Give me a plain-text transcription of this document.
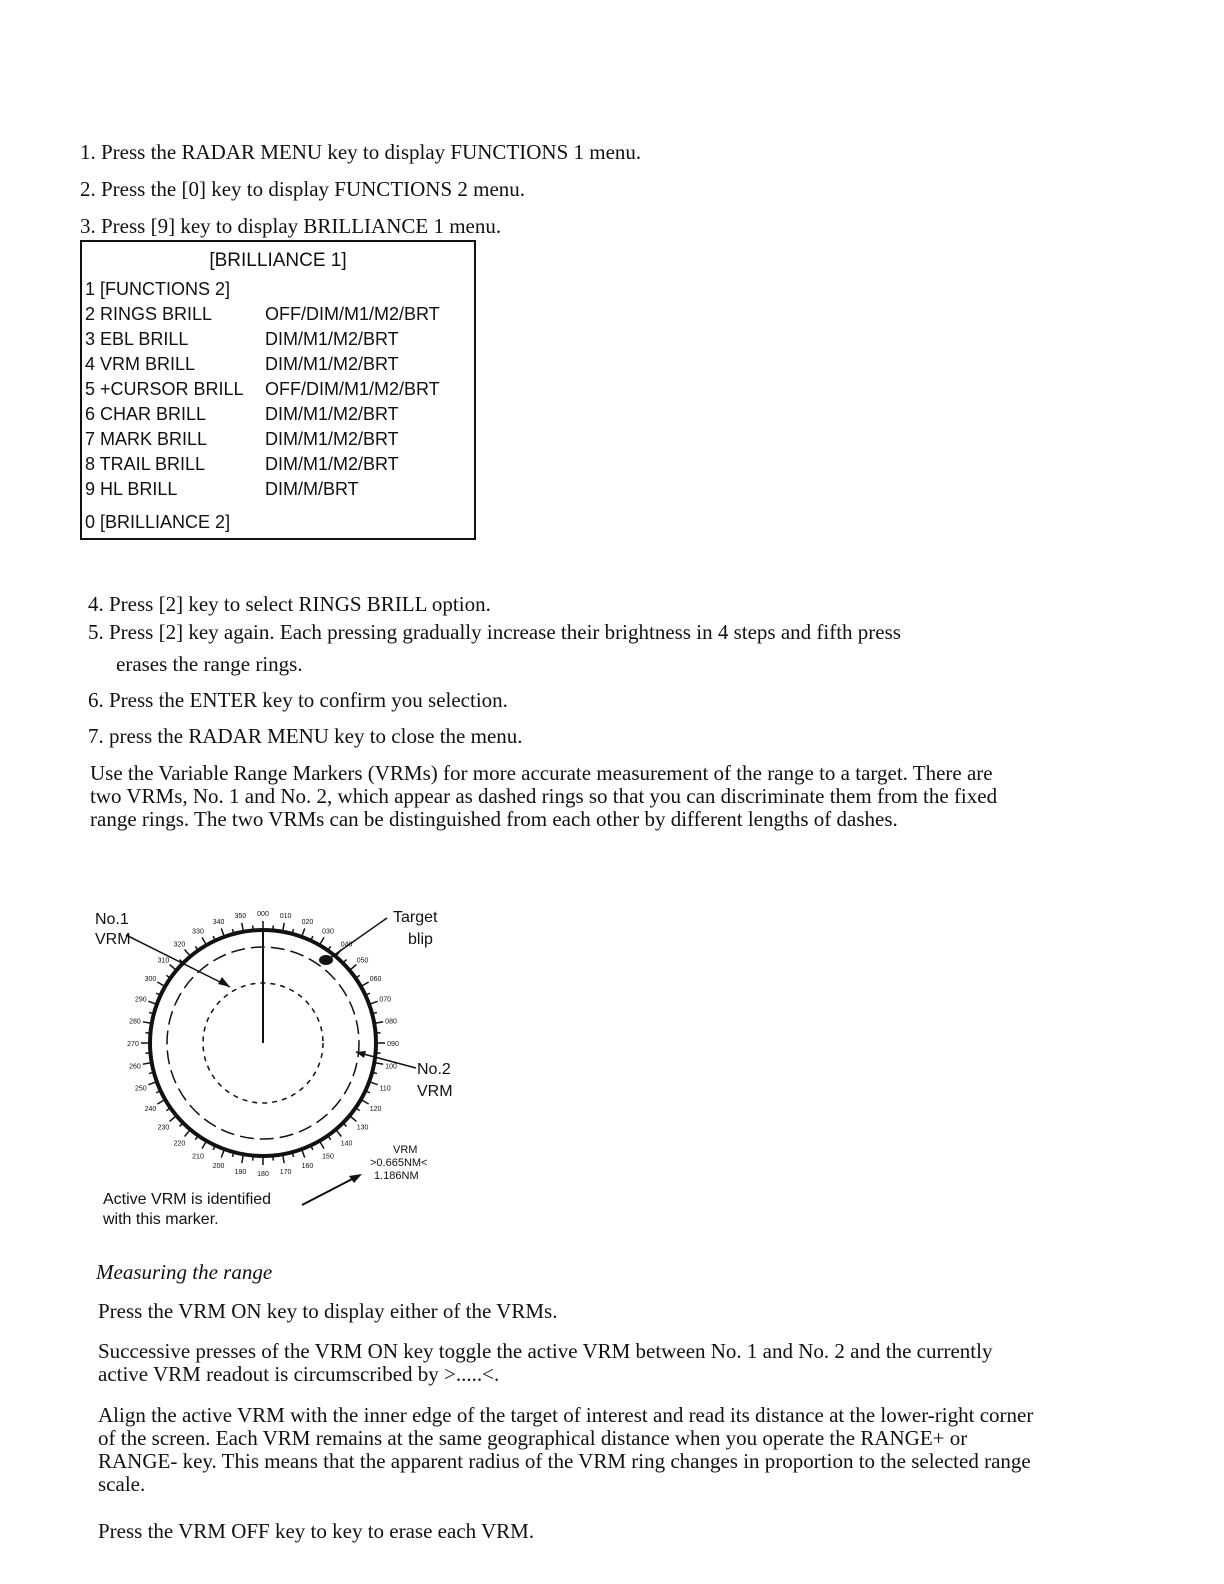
1. Press the RADAR MENU key to display FUNCTIONS 1 menu.
2. Press the [0] key to display FUNCTIONS 2 menu.
3. Press [9] key to display BRILLIANCE 1 menu.
[BRILLIANCE 1]
1 [FUNCTIONS 2]
2 RINGS BRILL	OFF/DIM/M1/M2/BRT
3 EBL BRILL	DIM/M1/M2/BRT
4 VRM BRILL	DIM/M1/M2/BRT
5 +CURSOR BRILL OFF/DIM/M1/M2/BRT
6 CHAR BRILL	DIM/M1/M2/BRT
7 MARK BRILL	DIM/M1/M2/BRT
8 TRAIL BRILL	DIM/M1/M2/BRT
9 HL BRILL	DIM/M/BRT
0 [BRILLIANCE 2]
4. Press [2] key to select RINGS BRILL option.
5. Press [2] key again. Each pressing gradually increase their brightness in 4 steps and fifth press
erases the range rings.
6. Press the ENTER key to confirm you selection.
7. press the RADAR MENU key to close the menu.
Use the Variable Range Markers (VRMs) for more accurate measurement of the range to a target. There are two VRMs, No. 1 and No. 2, which appear as dashed rings so that you can discriminate them from the fixed range rings. The two VRMs can be distinguished from each other by different lengths of dashes.
350 000 010
020
030
040
050
060
070
080
090
100
110
120
130
140
150
160
170
180
190
200
210
220
230
240
250
260
270
280
290
300
310
320
330
340
No.1
VRM
Target
blip
No.2
VRM
VRM
>0.665NM<
1.186NM
Active VRM is identified
with this marker.
Measuring the range
Press the VRM ON key to display either of the VRMs.
Successive presses of the VRM ON key toggle the active VRM between No. 1 and No. 2 and the currently active VRM readout is circumscribed by >.....<.
Align the active VRM with the inner edge of the target of interest and read its distance at the lower-right corner of the screen. Each VRM remains at the same geographical distance when you operate the RANGE+ or RANGE- key. This means that the apparent radius of the VRM ring changes in proportion to the selected range scale.
Press the VRM OFF key to key to erase each VRM.
